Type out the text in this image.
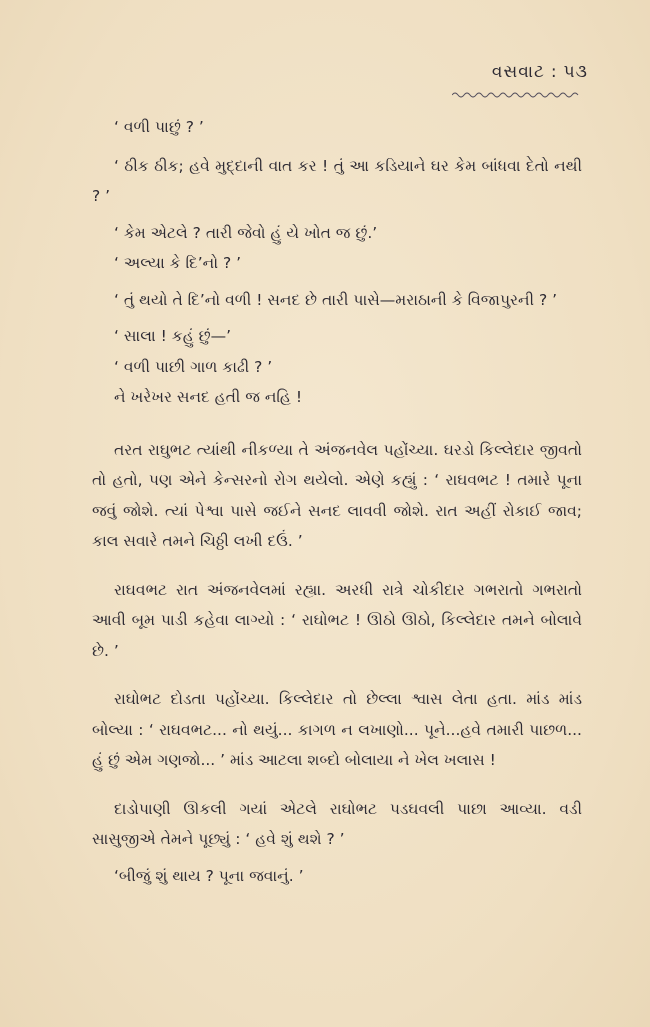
વસવાટ : પ૩

‘ વળી પાછું ? ’

‘ ઠીક ઠીક; હવે મુદ્દાની વાત કર ! તું આ કડિયાને ઘર કેમ બાંધવા દેતો નથી ? ’

‘ કેમ એટલે ? તારી જેવો હું યે ખોત જ છું.’

‘ અલ્યા કે દિ’નો ? ’

‘ તું થયો તે દિ’નો વળી ! સનદ છે તારી પાસે—મરાઠાની કે વિજાપુરની ? ’

‘ સાલા ! કહું છું—’

‘ વળી પાછી ગાળ કાઢી ? ’

ને ખરેખર સનદ હતી જ નહિ !

તરત રાઘુભટ ત્યાંથી નીકળ્યા તે અંજનવેલ પહોંચ્યા. ઘરડો કિલ્લેદાર જીવતો તો હતો, પણ એને કેન્સરનો રોગ થયેલો. એણે કહ્યું : ‘ રાઘવભટ ! તમારે પૂના જવું જોશે. ત્યાં પેશ્વા પાસે જઈને સનદ લાવવી જોશે. રાત અહીં રોકાઈ જાવ; કાલ સવારે તમને ચિઠ્ઠી લખી દઉં. ’

રાઘવભટ રાત અંજનવેલમાં રહ્યા. અરધી રાત્રે ચોકીદાર ગભરાતો ગભરાતો આવી બૂમ પાડી કહેવા લાગ્યો : ‘ રાઘોભટ ! ઊઠો ઊઠો, કિલ્લેદાર તમને બોલાવે છે. ’

રાઘોભટ દોડતા પહોંચ્યા. કિલ્લેદાર તો છેલ્લા શ્વાસ લેતા હતા. માંડ માંડ બોલ્યા : ‘ રાઘવભટ... નો થયું... કાગળ ન લખાણો... પૂને...હવે તમારી પાછળ... હું છું એમ ગણજો... ’ માંડ આટલા શબ્દો બોલાયા ને ખેલ ખલાસ !

દાડોપાણી ઊકલી ગયાં એટલે રાઘોભટ પડઘવલી પાછા આવ્યા. વડી સાસુજીએ તેમને પૂછ્યું : ‘ હવે શું થશે ? ’

‘બીજું શું થાય ? પૂના જવાનું. ’
